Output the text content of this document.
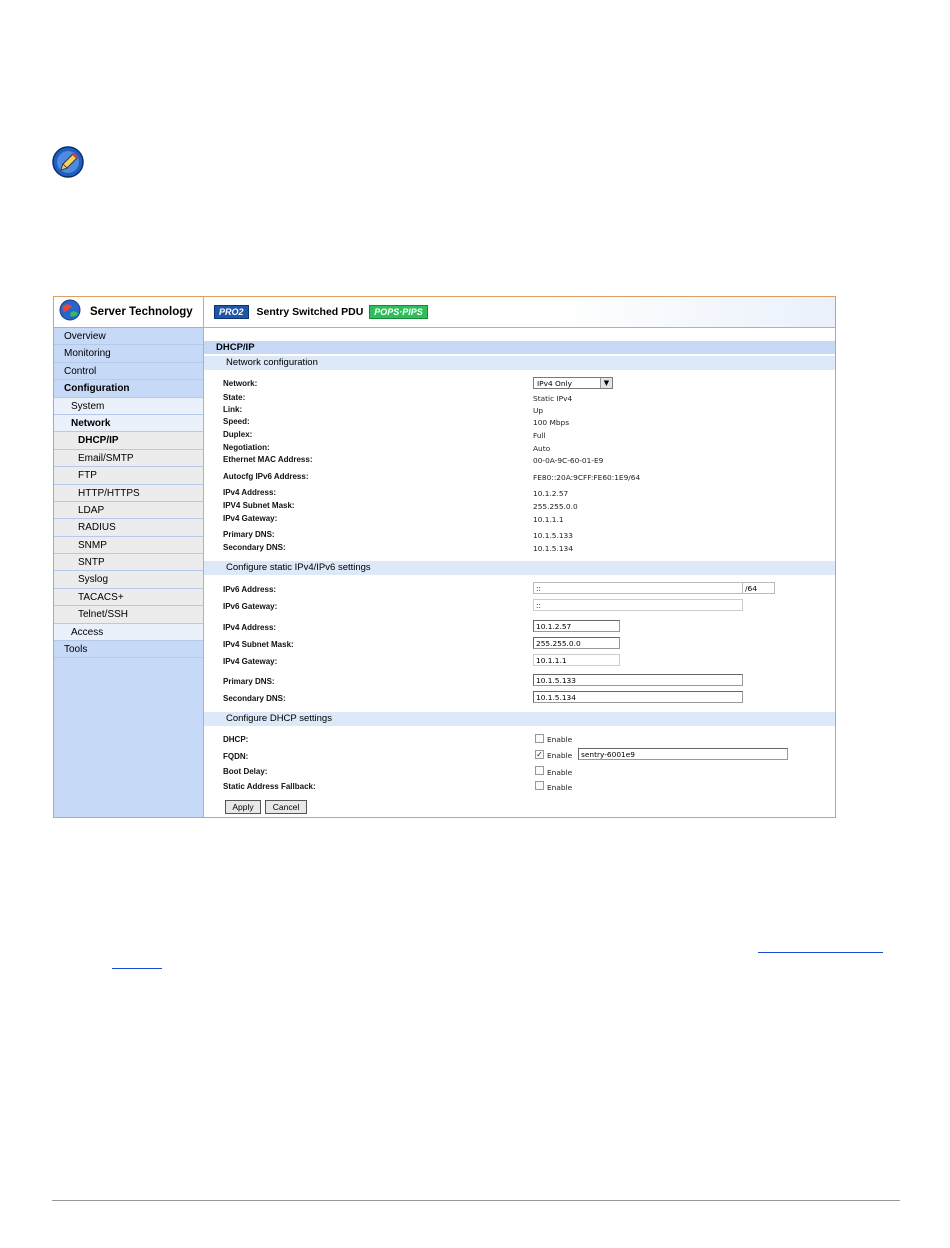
Server Technology
Overview
Monitoring
Control
Configuration
System
Network
DHCP/IP
Email/SMTP
FTP
HTTP/HTTPS
LDAP
RADIUS
SNMP
SNTP
Syslog
TACACS+
Telnet/SSH
Access
Tools
PRO2	Sentry Switched PDU	POPS·PIPS
DHCP/IP
Network configuration
Network:	IPv4 Only	▼
State:	Static IPv4
Link:	Up
Speed:	100 Mbps
Duplex:	Full
Negotiation:	Auto
Ethernet MAC Address:	00-0A-9C-60-01-E9
Autocfg IPv6 Address:	FE80::20A:9CFF:FE60:1E9/64
IPv4 Address:	10.1.2.57
IPV4 Subnet Mask:	255.255.0.0
IPv4 Gateway:	10.1.1.1
Primary DNS:	10.1.5.133
Secondary DNS:	10.1.5.134
Configure static IPv4/IPv6 settings
IPv6 Address:	::	/64
IPv6 Gateway:	::
IPv4 Address:	10.1.2.57
IPv4 Subnet Mask:	255.255.0.0
IPv4 Gateway:	10.1.1.1
Primary DNS:	10.1.5.133
Secondary DNS:	10.1.5.134
Configure DHCP settings
DHCP:	Enable
FQDN:	✓ Enable	sentry-6001e9
Boot Delay:	Enable
Static Address Fallback:	Enable
Apply	Cancel
